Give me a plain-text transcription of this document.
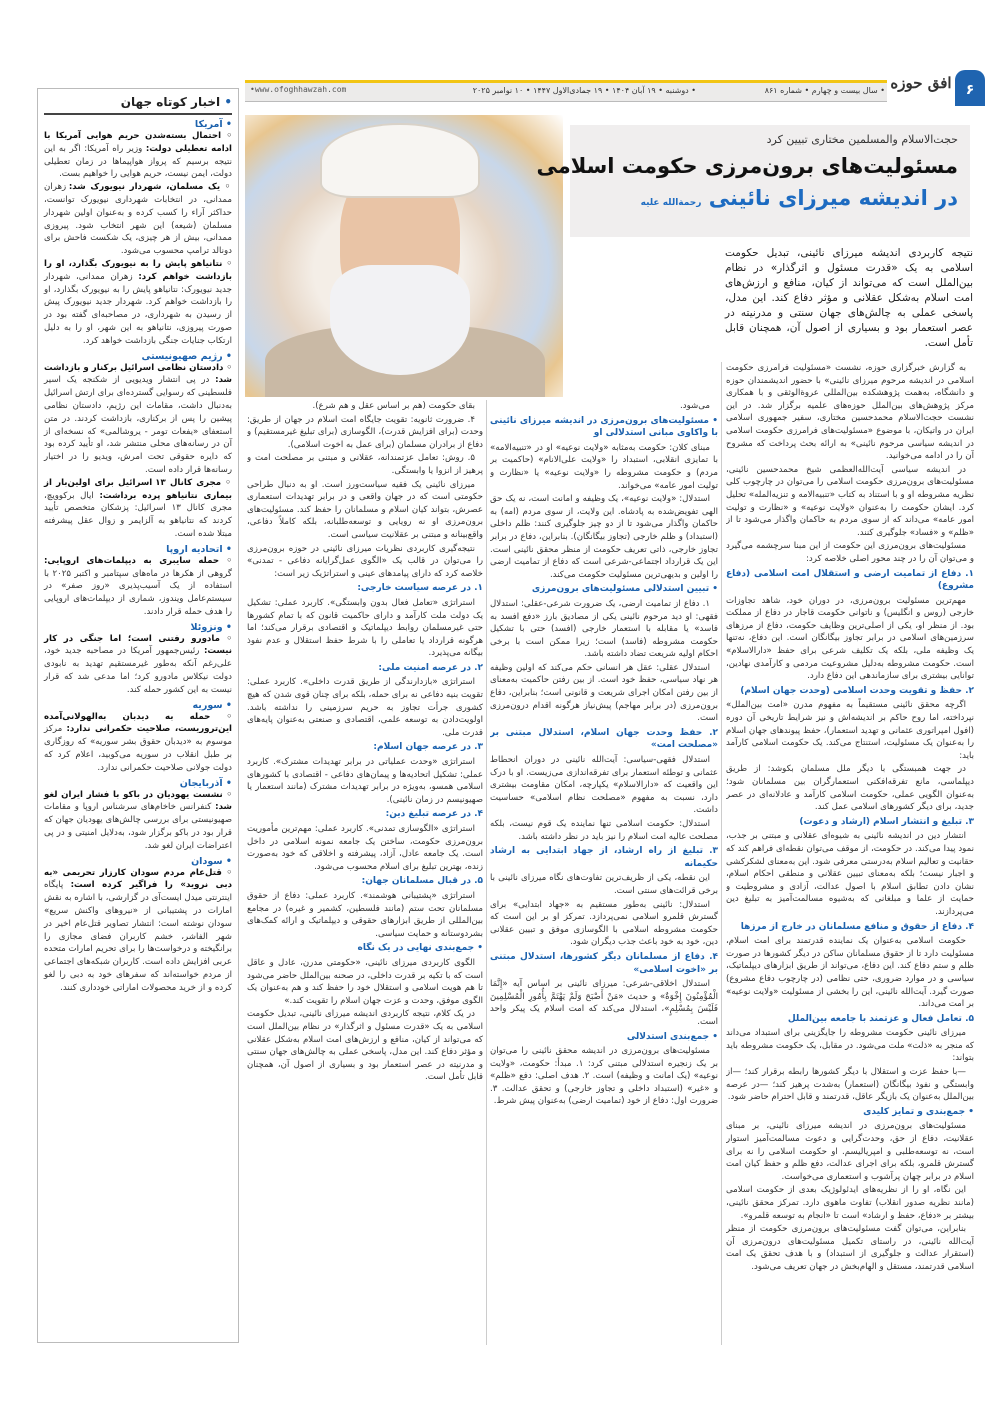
۶
افق حوزه
• سال بیست و چهارم • شماره ۸۶۱
• دوشنبه • ۱۹ آبان ۱۴۰۴ • ۱۹ جمادی‌الاول ۱۴۴۷ • ۱۰ نوامبر ۲۰۲۵
•www.ofoghhawzah.com
حجت‌الاسلام والمسلمین مختاری تبیین کرد
مسئولیت‌های برون‌مرزی حکومت اسلامی
در اندیشه میرزای نائینی رحمة‌الله علیه
نتیجه کاربردی اندیشه میرزای نائینی، تبدیل حکومت اسلامی به یک «قدرت مسئول و اثرگذار» در نظام بین‌الملل است که می‌تواند از کیان، منافع و ارزش‌های امت اسلام به‌شکل عقلانی و مؤثر دفاع کند. این مدل، پاسخی عملی به چالش‌های جهان سنتی و مدرنیته در عصر استعمار بود و بسیاری از اصول آن، همچنان قابل تأمل است.

به گزارش خبرگزاری حوزه، نشست «مسئولیت فرامرزی حکومت اسلامی در اندیشه مرحوم میرزای نائینی» با حضور اندیشمندان حوزه و دانشگاه، به‌همت پژوهشکده بین‌المللی عروة‌الوثقی و با همکاری مرکز پژوهش‌های بین‌الملل حوزه‌های علمیه برگزار شد. در این نشست حجت‌الاسلام محمدحسین مختاری، سفیر جمهوری اسلامی ایران در واتیکان، با موضوع «مسئولیت‌های فرامرزی حکومت اسلامی در اندیشه سیاسی مرحوم نائینی» به ارائه بحث پرداخت که مشروح آن را در ادامه می‌خوانید.

در اندیشه سیاسی آیت‌الله‌العظمی شیخ محمدحسین نائینی، مسئولیت‌های برون‌مرزی حکومت اسلامی را می‌توان در چارچوب کلی نظریه مشروطه او و با استناد به کتاب «تنبیه‌الامه و تنزیه‌المله» تحلیل کرد. ایشان حکومت را به‌عنوان «ولایت نوعیه» و «نظارت و تولیت امور عامه» می‌داند که از سوی مردم به حاکمان واگذار می‌شود تا از «ظلم» و «فساد» جلوگیری کنند.

مسئولیت‌های برون‌مرزی این حکومت از این مبنا سرچشمه می‌گیرد و می‌توان آن را در چند محور اصلی خلاصه کرد:

۱. دفاع از تمامیت ارضی و استقلال امت اسلامی (دفاع مشروع)

مهم‌ترین مسئولیت برون‌مرزی، در دوران خود، شاهد تجاوزات خارجی (روس و انگلیس) و ناتوانی حکومت قاجار در دفاع از مملکت بود. از منظر او، یکی از اصلی‌ترین وظایف حکومت، دفاع از مرزهای سرزمین‌های اسلامی در برابر تجاوز بیگانگان است. این دفاع، نه‌تنها یک وظیفه ملی، بلکه یک تکلیف شرعی برای حفظ «دارالاسلام» است. حکومت مشروطه به‌دلیل مشروعیت مردمی و کارآمدی نهادین، توانایی بیشتری برای سازماندهی این دفاع دارد.

۲. حفظ و تقویت وحدت اسلامی (وحدت جهان اسلام)

اگرچه محقق نائینی مستقیماً به مفهوم مدرن «امت بین‌الملل» نپرداخته، اما روح حاکم بر اندیشه‌اش و نیز شرایط تاریخی آن دوره (افول امپراتوری عثمانی و تهدید استعمار)، حفظ پیوندهای جهان اسلام را به‌عنوان یک مسئولیت، استنتاج می‌کند. یک حکومت اسلامی کارآمد باید:

در جهت همبستگی با دیگر ملل مسلمان بکوشد: از طریق دیپلماسی، مانع تفرقه‌افکنی استعمارگران بین مسلمانان شود؛ به‌عنوان الگویی عملی، حکومت اسلامی کارآمد و عادلانه‌ای در عصر جدید، برای دیگر کشورهای اسلامی عمل کند.

۳. تبلیغ و انتشار اسلام (ارشاد و دعوت)

انتشار دین در اندیشه نائینی به شیوه‌ای عقلانی و مبتنی بر جذب، نمود پیدا می‌کند. در حکومت، از موقف می‌توان نقطه‌ای فراهم کند که حقانیت و تعالیم اسلام به‌درستی معرفی شود. این به‌معنای لشکرکشی و اجبار نیست؛ بلکه به‌معنای تبیین عقلانی و منطقی احکام اسلام، نشان دادن تطابق اسلام با اصول عدالت، آزادی و مشروطیت و حمایت از علما و مبلغانی که به‌شیوه مسالمت‌آمیز به تبلیغ دین می‌پردازند.

۴. دفاع از حقوق و منافع مسلمانان در خارج از مرزها

حکومت اسلامی به‌عنوان یک نماینده قدرتمند برای امت اسلام، مسئولیت دارد تا از حقوق مسلمانان ساکن در دیگر کشورها در صورت ظلم و ستم دفاع کند. این دفاع، می‌تواند از طریق ابزارهای دیپلماتیک، سیاسی و در موارد ضروری، حتی نظامی (در چارچوب دفاع مشروع) صورت گیرد. آیت‌الله نائینی، این را بخشی از مسئولیت «ولایت نوعیه» بر امت می‌داند.

۵. تعامل فعال و عزتمند با جامعه بین‌الملل

میرزای نائینی حکومت مشروطه را جایگزینی برای استبداد می‌داند که منجر به «ذلت» ملت می‌شود. در مقابل، یک حکومت مشروطه باید بتواند:

—با حفظ عزت و استقلال با دیگر کشورها رابطه برقرار کند؛ —از وابستگی و نفوذ بیگانگان (استعمار) به‌شدت پرهیز کند؛ —در عرصه بین‌الملل به‌عنوان یک بازیگر عاقل، قدرتمند و قابل احترام حاضر شود.

• جمع‌بندی و تمایز کلیدی

مسئولیت‌های برون‌مرزی در اندیشه میرزای نائینی، بر مبنای عقلانیت، دفاع از حق، وحدت‌گرایی و دعوت مسالمت‌آمیز استوار است، نه توسعه‌طلبی و امپریالیسم. او حکومت اسلامی را نه برای گسترش قلمرو، بلکه برای اجرای عدالت، دفع ظلم و حفظ کیان امت اسلام در برابر چهان پرآشوب و استعماری می‌خواست.

این نگاه، او را از نظریه‌های ایدئولوژیک بعدی از حکومت اسلامی (مانند نظریه صدور انقلاب) تفاوت ماهوی دارد. تمرکز محقق نائینی، بیشتر بر «دفاع، حفظ و ارشاد» است تا «انجام به توسعه قلمرو».

بنابراین، می‌توان گفت مسئولیت‌های برون‌مرزی حکومت از منظر آیت‌الله نائینی، در راستای تکمیل مسئولیت‌های درون‌مرزی آن (استقرار عدالت و جلوگیری از استبداد) و با هدف تحقق یک امت اسلامی قدرتمند، مستقل و الهام‌بخش در جهان تعریف می‌شود.

می‌شود.

• مسئولیت‌های برون‌مرزی در اندیشه میرزای نائینی با واکاوی مبانی استدلالی او

مبنای کلان: حکومت به‌مثابه «ولایت نوعیه» او در «تنبیه‌الامه» با تمایزی انقلابی، استبداد را «ولایت علی‌الانام» (حاکمیت بر مردم) و حکومت مشروطه را «ولایت نوعیه» یا «نظارت و تولیت امور عامه» می‌خواند.

استدلال: «ولایت نوعیه»، یک وظیفه و امانت است، نه یک حق الهی تفویض‌شده به پادشاه. این ولایت، از سوی مردم (امه) به حاکمان واگذار می‌شود تا از دو چیز جلوگیری کنند: ظلم داخلی (استبداد) و ظلم خارجی (تجاوز بیگانگان). بنابراین، دفاع در برابر تجاوز خارجی، ذاتی تعریف حکومت از منظر محقق نائینی است. این یک قرارداد اجتماعی-شرعی است که دفاع از تمامیت ارضی را اولین و بدیهی‌ترین مسئولیت حکومت می‌کند.

• تبیین استدلالی مسئولیت‌های برون‌مرزی

۱. دفاع از تمامیت ارضی، یک ضرورت شرعی-عقلی: استدلال فقهی: او دید مرحوم نائینی یکی از مصادیق بارز «دفع افسد به فاسد» یا مقابله با استعمار خارجی (افسد) حتی با تشکیل حکومت مشروطه (فاسد) است؛ زیرا ممکن است با برخی احکام اولیه شریعت تضاد داشته باشد.

استدلال عقلی: عقل هر انسانی حکم می‌کند که اولین وظیفه هر نهاد سیاسی، حفظ خود است. از بین رفتن حاکمیت به‌معنای از بین رفتن امکان اجرای شریعت و قانونی است؛ بنابراین، دفاع برون‌مرزی (در برابر مهاجم) پیش‌نیاز هرگونه اقدام درون‌مرزی است.

۲. حفظ وحدت جهان اسلام، استدلال مبتنی بر «مصلحت امت»

استدلال فقهی-سیاسی: آیت‌الله نائینی در دوران انحطاط عثمانی و توطئه استعمار برای تفرقه‌اندازی می‌زیست. او با درک این واقعیت که «دارالاسلام» یکپارچه، امکان مقاومت بیشتری دارد، نسبت به مفهوم «مصلحت نظام اسلامی» حساسیت داشت.

استدلال: حکومت اسلامی تنها نماینده یک قوم نیست، بلکه مصلحت عالیه امت اسلام را نیز باید در نظر داشته باشد.

۳. تبلیغ از راه ارشاد، از جهاد ابتدایی به ارشاد حکیمانه

این نقطه، یکی از ظریف‌ترین تفاوت‌های نگاه میرزای نائینی با برخی قرائت‌های سنتی است.

استدلال: نائینی به‌طور مستقیم به «جهاد ابتدایی» برای گسترش قلمرو اسلامی نمی‌پردازد. تمرکز او بر این است که حکومت مشروطه اسلامی با الگوسازی موفق و تبیین عقلانی دین، خود به خود باعث جذب دیگران شود.

۴. دفاع از مسلمانان دیگر کشورها، استدلال مبتنی بر «اخوت اسلامی»

استدلال اخلاقی-شرعی: میرزای نائینی بر اساس آیه «إِنَّمَا الْمُؤْمِنُونَ إِخْوَةٌ» و حدیث «مَنْ أَصْبَحَ وَلَمْ يَهْتَمَّ بِأُمُورِ الْمُسْلِمِينَ فَلَيْسَ بِمُسْلِمٍ»، استدلال می‌کند که امت اسلام یک پیکر واحد است.

• جمع‌بندی استدلالی

مسئولیت‌های برون‌مرزی در اندیشه محقق نائینی را می‌توان بر یک زنجیره استدلالی مبتنی کرد: ۱. مبدأ: حکومت، «ولایت نوعیه» (یک امانت و وظیفه) است. ۲. هدف اصلی: دفع «ظلم» و «غیر» (استبداد داخلی و تجاوز خارجی) و تحقق عدالت. ۳. ضرورت اول: دفاع از خود (تمامیت ارضی) به‌عنوان پیش شرط.

بقای حکومت (هم بر اساس عقل و هم شرع).

۴. ضرورت ثانویه: تقویت جایگاه امت اسلام در جهان از طریق: وحدت (برای افزایش قدرت)، الگوسازی (برای تبلیغ غیرمستقیم) و دفاع از برادران مسلمان (برای عمل به اخوت اسلامی).

۵. روش: تعامل عزتمندانه، عقلانی و مبتنی بر مصلحت امت و پرهیز از انزوا یا وابستگی.

میرزای نائینی یک فقیه سیاست‌ورز است. او به دنبال طراحی حکومتی است که در جهان واقعی و در برابر تهدیدات استعماری عصرش، بتواند کیان اسلام و مسلمانان را حفظ کند. مسئولیت‌های برون‌مرزی او نه رویایی و توسعه‌طلبانه، بلکه کاملاً دفاعی، واقع‌بینانه و مبتنی بر عقلانیت سیاسی است.

نتیجه‌گیری کاربردی نظریات میرزای نائینی در حوزه برون‌مرزی را می‌توان در قالب یک «الگوی عمل‌گرایانه دفاعی - تمدنی» خلاصه کرد که دارای پیامدهای عینی و استراتژیک زیر است:

۱. در عرصه سیاست خارجی:

استراتژی «تعامل فعال بدون وابستگی». کاربرد عملی: تشکیل یک دولت ملت کارآمد و دارای حاکمیت قانون که با تمام کشورها حتی غیرمسلمان روابط دیپلماتیک و اقتصادی برقرار می‌کند؛ اما هرگونه قرارداد یا تعاملی را با شرط حفظ استقلال و عدم نفوذ بیگانه می‌پذیرد.

۲. در عرصه امنیت ملی:

استراتژی «بازدارندگی از طریق قدرت داخلی». کاربرد عملی: تقویت بنیه دفاعی نه برای حمله، بلکه برای چنان قوی شدن که هیچ کشوری جرأت تجاوز به حریم سرزمینی را نداشته باشد. اولویت‌دادن به توسعه علمی، اقتصادی و صنعتی به‌عنوان پایه‌های قدرت ملی.

۳. در عرصه جهان اسلام:

استراتژی «وحدت عملیاتی در برابر تهدیدات مشترک». کاربرد عملی: تشکیل اتحادیه‌ها و پیمان‌های دفاعی - اقتصادی با کشورهای اسلامی همسو، به‌ویژه در برابر تهدیدات مشترک (مانند استعمار یا صهیونیسم در زمان نائینی).

۴. در عرصه تبلیغ دین:

استراتژی «الگوسازی تمدنی». کاربرد عملی: مهم‌ترین مأموریت برون‌مرزی حکومت، ساختن یک جامعه نمونه اسلامی در داخل است. یک جامعه عادل، آزاد، پیشرفته و اخلاقی که خود به‌صورت زنده، بهترین تبلیغ برای اسلام محسوب می‌شود.

۵. در قبال مسلمانان جهان:

استراتژی «پشتیبانی هوشمند». کاربرد عملی: دفاع از حقوق مسلمانان تحت ستم (مانند فلسطین، کشمیر و غیره) در مجامع بین‌المللی از طریق ابزارهای حقوقی و دیپلماتیک و ارائه کمک‌های بشردوستانه و حمایت سیاسی.

• جمع‌بندی نهایی در یک نگاه

الگوی کاربردی میرزای نائینی، «حکومتی مدرن، عادل و عاقل است که با تکیه بر قدرت داخلی، در صحنه بین‌الملل حاضر می‌شود تا هم هویت اسلامی و استقلال خود را حفظ کند و هم به‌عنوان یک الگوی موفق، وحدت و عزت جهان اسلام را تقویت کند.»

در یک کلام، نتیجه کاربردی اندیشه میرزای نائینی، تبدیل حکومت اسلامی به یک «قدرت مسئول و اثرگذار» در نظام بین‌الملل است که می‌تواند از کیان، منافع و ارزش‌های امت اسلام به‌شکل عقلانی و مؤثر دفاع کند. این مدل، پاسخی عملی به چالش‌های جهان سنتی و مدرنیته در عصر استعمار بود و بسیاری از اصول آن، همچنان قابل تأمل است.

• اخبار کوتاه جهان
• آمریکا
◦ احتمال بسته‌شدن حریم هوایی آمریکا با ادامه تعطیلی دولت: وزیر راه آمریکا: اگر به این نتیجه برسیم که پرواز هواپیماها در زمان تعطیلی دولت، ایمن نیست، حریم هوایی را خواهیم بست.
◦ یک مسلمان، شهردار نیویورک شد: زهران ممدانی، در انتخابات شهرداری نیویورک توانست، حداکثر آراء را کسب کرده و به‌عنوان اولین شهردار مسلمان (شیعه) این شهر انتخاب شود. پیروزی ممدانی، بیش از هر چیزی، یک شکست فاحش برای دونالد ترامپ محسوب می‌شود.
◦ نتانیاهو پایش را به نیویورک بگذارد، او را بازداشت خواهم کرد: زهران ممدانی، شهردار جدید نیویورک: نتانیاهو پایش را به نیویورک بگذارد، او را بازداشت خواهم کرد. شهردار جدید نیویورک پیش از رسیدن به شهرداری، در مصاحبه‌ای گفته بود در صورت پیروزی، نتانیاهو به این شهر، او را به دلیل ارتکاب جنایات جنگی بازداشت خواهد کرد.
• رژیم صهیونیستی
◦ دادستان نظامی اسرائیل برکنار و بازداشت شد: در پی انتشار ویدیویی از شکنجه یک اسیر فلسطینی که رسوایی گسترده‌ای برای ارتش اسرائیل به‌دنبال داشت، مقامات این رژیم، دادستان نظامی پیشین را پس از برکناری، بازداشت کردند. در متن استعفای «یفعات تومر - یروشالمی» که نسخه‌ای از آن در رسانه‌های محلی منتشر شد، او تأیید کرده بود که دایره حقوقی تحت امرش، ویدیو را در اختیار رسانه‌ها قرار داده است.
◦ مجری کانال ۱۳ اسرائیل برای اولین‌بار از بیماری نتانیاهو پرده برداشت: ایال برکوویچ، مجری کانال ۱۳ اسرائیل: پزشکان متخصص تأیید کردند که نتانیاهو به آلزایمر و زوال عقل پیشرفته مبتلا شده است.
• اتحادیه اروپا
◦ حمله سایبری به دیپلمات‌های اروپایی: گروهی از هکرها در ماه‌های سپتامبر و اکتبر ۲۰۲۵ با استفاده از یک آسیب‌پذیری «روز صفر» در سیستم‌عامل ویندوز، شماری از دیپلمات‌های اروپایی را هدف حمله قرار دادند.
• ونزوئلا
◦ مادورو رفتنی است؛ اما جنگی در کار نیست: رئیس‌جمهور آمریکا در مصاحبه جدید خود، علی‌رغم آنکه به‌طور غیرمستقیم تهدید به نابودی دولت نیکلاس مادورو کرد؛ اما مدعی شد که قرار نیست به این کشور حمله کند.
• سوریه
◦ حمله به دیدبان به‌الهولانی‌آمده این‌تروریست، صلاحیت حکمرانی ندارد: مرکز موسوم به «دیدبان حقوق بشر سوریه» که روزگاری بر طبل انقلاب در سوریه می‌کوبید، اعلام کرد که دولت جولانی صلاحیت حکمرانی ندارد.
• آذربایجان
◦ نشست یهودیان در باکو با فشار ایران لغو شد: کنفرانس خاخام‌های سرشناس اروپا و مقامات صهیونیستی برای بررسی چالش‌های یهودیان جهان که قرار بود در باکو برگزار شود، به‌دلایل امنیتی و در پی اعتراضات ایران لغو شد.
• سودان
◦ قتل‌عام مردم سودان کارزار تحریمی «به دبی نروید» را فراگیر کرده است: پایگاه اینترنتی میدل ایست‌آی در گزارشی، با اشاره به نقش امارات در پشتیبانی از «نیروهای واکنش سریع» سودان نوشته است: انتشار تصاویر قتل‌عام اخیر در شهر الفاشر، خشم کاربران فضای مجازی را برانگیخته و درخواست‌ها را برای تحریم امارات متحده عربی افزایش داده است. کاربران شبکه‌های اجتماعی از مردم خواسته‌اند که سفرهای خود به دبی را لغو کرده و از خرید محصولات اماراتی خودداری کنند.
